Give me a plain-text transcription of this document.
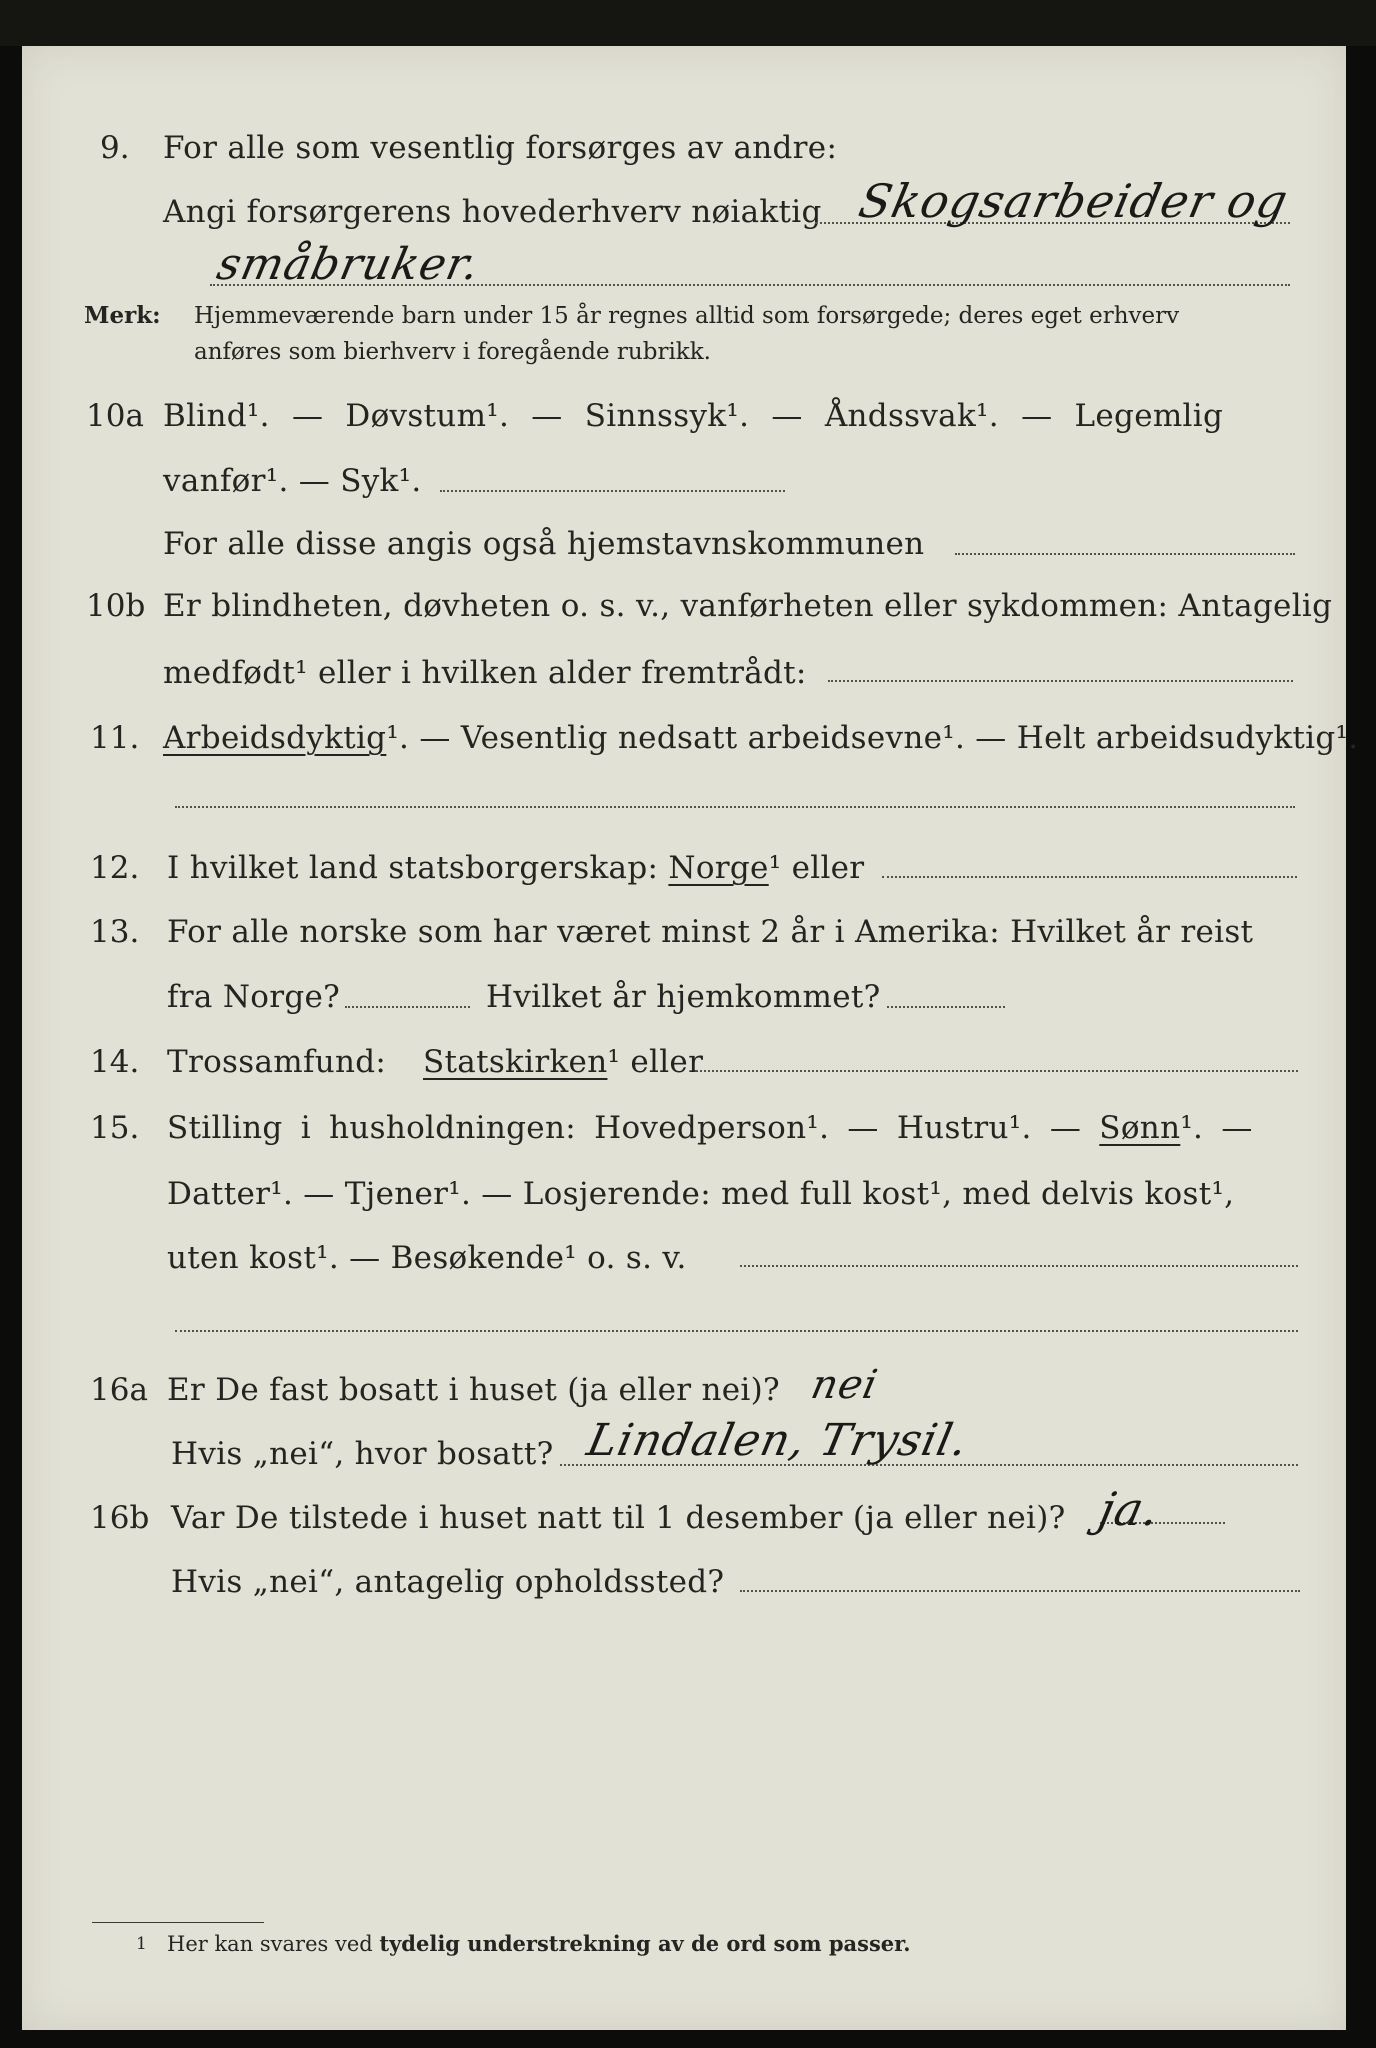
9. For alle som vesentlig forsørges av andre:
Angi forsørgerens hovederhverv nøiaktig Skogsarbeider og
småbruker.
Merk: Hjemmeværende barn under 15 år regnes alltid som forsørgede; deres eget erhverv
anføres som bierhverv i foregående rubrikk.
10a Blind¹. — Døvstum¹. — Sinnssyk¹. — Åndssvak¹. — Legemlig
vanfør¹. — Syk¹.
For alle disse angis også hjemstavnskommunen
10b Er blindheten, døvheten o. s. v., vanførheten eller sykdommen: Antagelig
medfødt¹ eller i hvilken alder fremtrådt:
11. Arbeidsdyktig¹. — Vesentlig nedsatt arbeidsevne¹. — Helt arbeidsudyktig¹.
12. I hvilket land statsborgerskap: Norge¹ eller
13. For alle norske som har været minst 2 år i Amerika: Hvilket år reist
fra Norge?	Hvilket år hjemkommet?
14. Trossamfund: Statskirken¹ eller
15. Stilling i husholdningen: Hovedperson¹. — Hustru¹. — Sønn¹. —
Datter¹. — Tjener¹. — Losjerende: med full kost¹, med delvis kost¹,
uten kost¹. — Besøkende¹ o. s. v.
16a Er De fast bosatt i huset (ja eller nei)? nei
Hvis „nei“, hvor bosatt? Lindalen, Trysil.
16b Var De tilstede i huset natt til 1 desember (ja eller nei)? ja.
Hvis „nei“, antagelig opholdssted?
1 Her kan svares ved tydelig understrekning av de ord som passer.
